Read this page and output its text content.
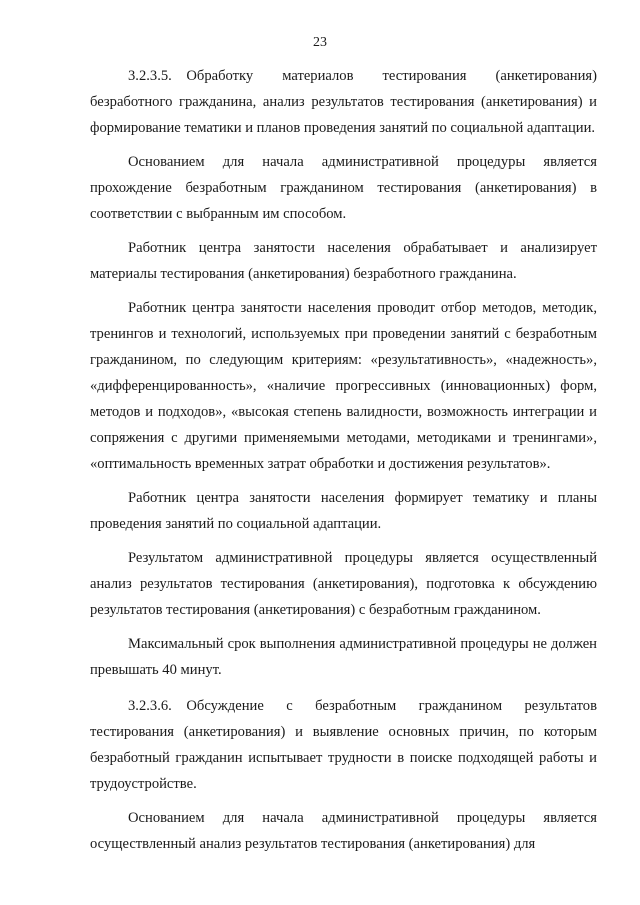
23

3.2.3.5. Обработку материалов тестирования (анкетирования) безработного гражданина, анализ результатов тестирования (анкетирования) и формирование тематики и планов проведения занятий по социальной адаптации.

Основанием для начала административной процедуры является прохождение безработным гражданином тестирования (анкетирования) в соответствии с выбранным им способом.

Работник центра занятости населения обрабатывает и анализирует материалы тестирования (анкетирования) безработного гражданина.

Работник центра занятости населения проводит отбор методов, методик, тренингов и технологий, используемых при проведении занятий с безработным гражданином, по следующим критериям: «результативность», «надежность», «дифференцированность», «наличие прогрессивных (инновационных) форм, методов и подходов», «высокая степень валидности, возможность интеграции и сопряжения с другими применяемыми методами, методиками и тренингами», «оптимальность временных затрат обработки и достижения результатов».

Работник центра занятости населения формирует тематику и планы проведения занятий по социальной адаптации.

Результатом административной процедуры является осуществленный анализ результатов тестирования (анкетирования), подготовка к обсуждению результатов тестирования (анкетирования) с безработным гражданином.

Максимальный срок выполнения административной процедуры не должен превышать 40 минут.

3.2.3.6. Обсуждение с безработным гражданином результатов тестирования (анкетирования) и выявление основных причин, по которым безработный гражданин испытывает трудности в поиске подходящей работы и трудоустройстве.

Основанием для начала административной процедуры является осуществленный анализ результатов тестирования (анкетирования) для
